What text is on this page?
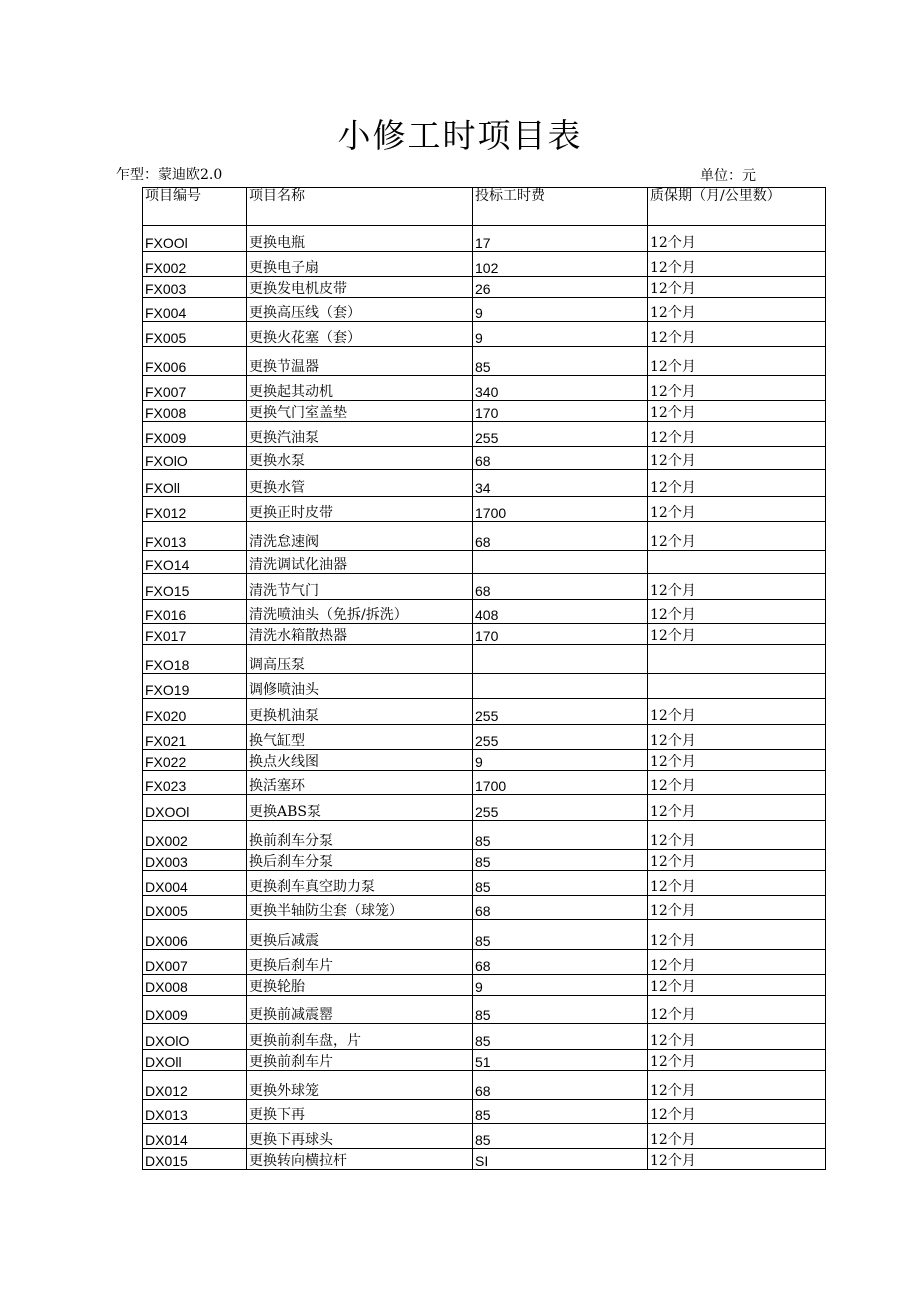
小修工时项目表
乍型：蒙迪欧2.0	单位：元
项目编号	项目名称	投标工时费	质保期（月/公里数）
FXOOl	更换电瓶	17	12个月
FX002	更换电子扇	102	12个月
FX003	更换发电机皮带	26	12个月
FX004	更换高压线（套）	9	12个月
FX005	更换火花塞（套）	9	12个月
FX006	更换节温器	85	12个月
FX007	更换起其动机	340	12个月
FX008	更换气门室盖垫	170	12个月
FX009	更换汽油泵	255	12个月
FXOlO	更换水泵	68	12个月
FXOll	更换水管	34	12个月
FX012	更换正时皮带	1700	12个月
FX013	清洗怠速阀	68	12个月
FXO14	清洗调试化油器		
FXO15	清洗节气门	68	12个月
FX016	清洗喷油头（免拆/拆洗）	408	12个月
FX017	清洗水箱散热器	170	12个月
FXO18	调高压泵		
FXO19	调修喷油头		
FX020	更换机油泵	255	12个月
FX021	换气缸型	255	12个月
FX022	换点火线图	9	12个月
FX023	换活塞环	1700	12个月
DXOOl	更换ABS泵	255	12个月
DX002	换前刹车分泵	85	12个月
DX003	换后刹车分泵	85	12个月
DX004	更换刹车真空助力泵	85	12个月
DX005	更换半轴防尘套（球笼）	68	12个月
DX006	更换后减震	85	12个月
DX007	更换后刹车片	68	12个月
DX008	更换轮胎	9	12个月
DX009	更换前减震罂	85	12个月
DXOlO	更换前刹车盘，片	85	12个月
DXOll	更换前刹车片	51	12个月
DX012	更换外球笼	68	12个月
DX013	更换下再	85	12个月
DX014	更换下再球头	85	12个月
DX015	更换转向横拉杆	SI	12个月
